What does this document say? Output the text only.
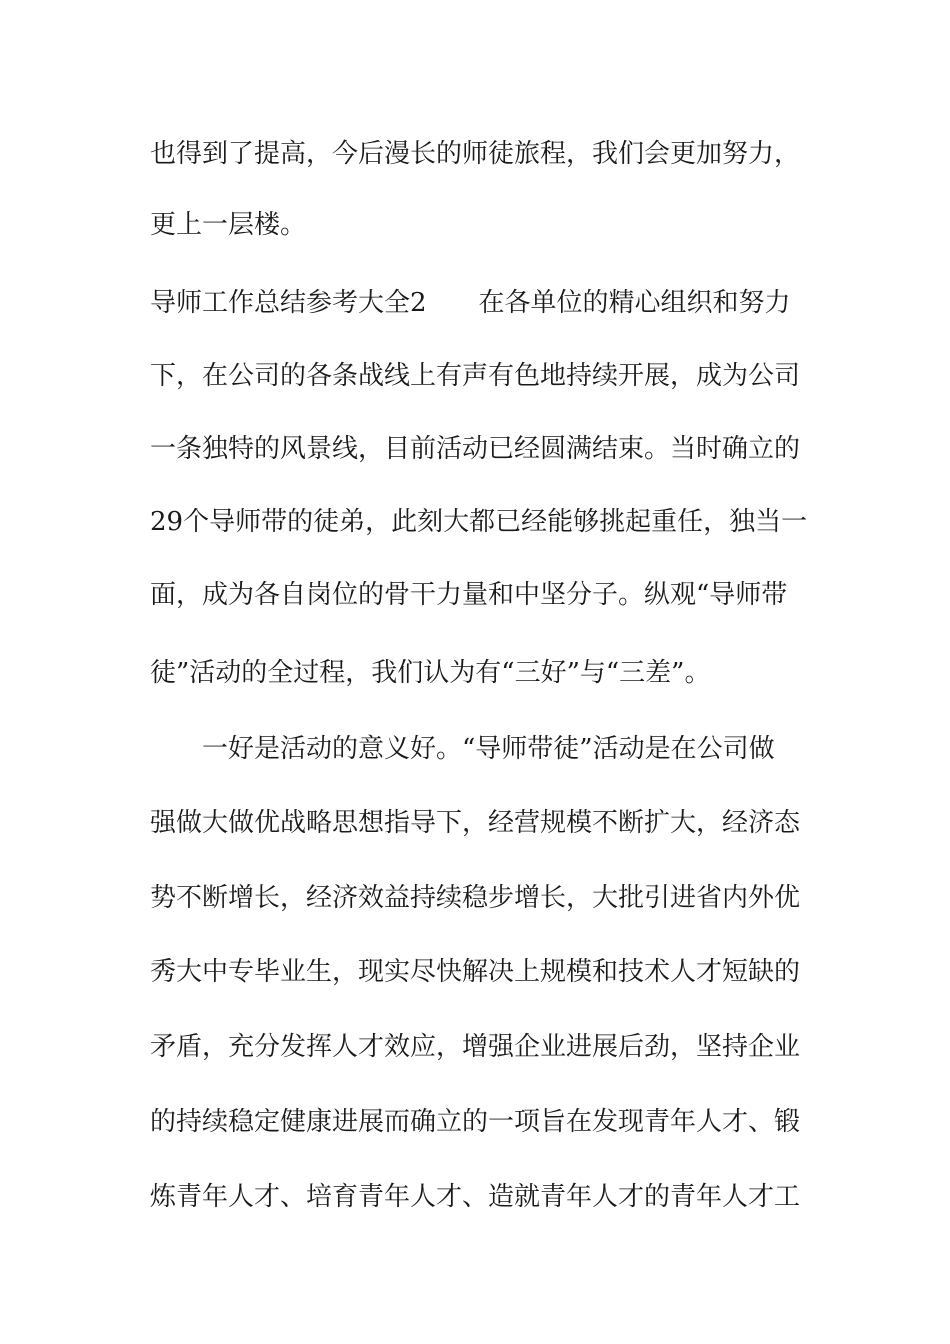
也得到了提高，今后漫长的师徒旅程，我们会更加努力，
更上一层楼。
导师工作总结参考大全2　　在各单位的精心组织和努力
下，在公司的各条战线上有声有色地持续开展，成为公司
一条独特的风景线，目前活动已经圆满结束。当时确立的
29个导师带的徒弟，此刻大都已经能够挑起重任，独当一
面，成为各自岗位的骨干力量和中坚分子。纵观“导师带
徒”活动的全过程，我们认为有“三好”与“三差”。
　　一好是活动的意义好。“导师带徒”活动是在公司做
强做大做优战略思想指导下，经营规模不断扩大，经济态
势不断增长，经济效益持续稳步增长，大批引进省内外优
秀大中专毕业生，现实尽快解决上规模和技术人才短缺的
矛盾，充分发挥人才效应，增强企业进展后劲，坚持企业
的持续稳定健康进展而确立的一项旨在发现青年人才、锻
炼青年人才、培育青年人才、造就青年人才的青年人才工
